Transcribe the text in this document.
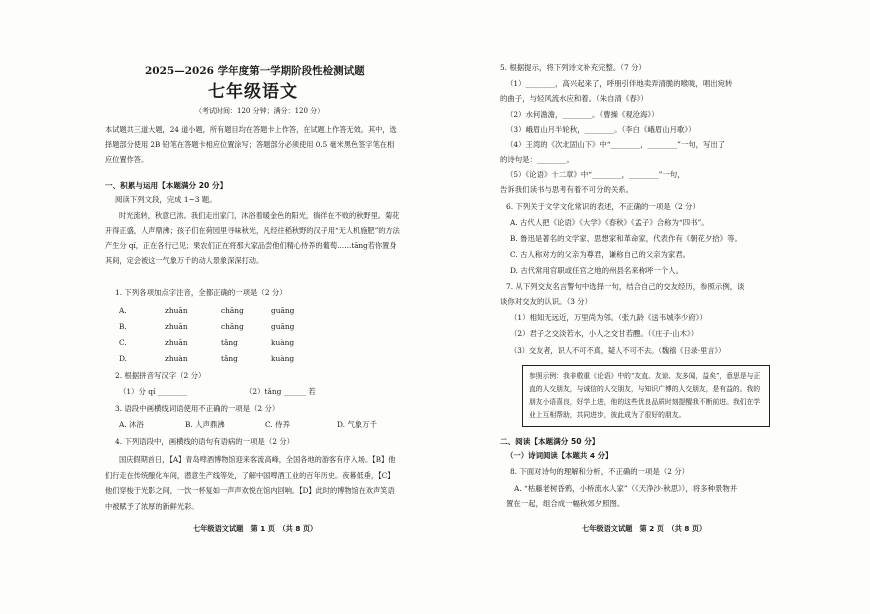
2025—2026 学年度第一学期阶段性检测试题
七年级语文
（考试时间：120 分钟；满分：120 分）
本试题共三道大题，24 道小题，所有题目均在答题卡上作答，在试题上作答无效。其中，选择题部分使用 2B 铅笔在答题卡相应位置涂写；答题部分必须使用 0.5 毫米黑色签字笔在相应位置作答。
一、积累与运用【本题满分 20 分】
阅读下列文段，完成 1~3 题。
时光流转，秋意已浓。我们走出家门，沐浴着暖金色的阳光，徜徉在不败的秋野里。菊花开得正盛，人声鼎沸；孩子们在荷园里寻味秋光，凡经往稻秋野的汉子用“无人机施肥”的方法产生分 qí，正在各行己见；果农们正在将那大家品尝他们精心侍养的葡萄……tāng若你置身其间，定会被这一气象万千的动人景象深深打动。
1. 下列各项加点字注音，全都正确的一项是（2 分）
A.	zhuān	chāng	guāng
B.	zhuān	chāng	guāng
C.	zhuān	tǎng	kuàng
D.	zhuàn	tǎng	kuàng
2. 根据拼音写汉字（2 分）
（1）分 qí ________	（2）tǎng ______ 若
3. 语段中画横线词语使用不正确的一项是（2 分）
A. 沐浴	B. 人声鼎沸	C. 侍养	D. 气象万千
4. 下列语段中，画横线的语句有语病的一项是（2 分）
国庆假期首日，【A】青岛啤酒博物馆迎来客流高峰，全国各地的游客有序入场。【B】他们行走在传统酿化车间，潜意生产线等处，了解中国啤酒工业的百年历史。夜幕低垂，【C】他们穿梭于光影之间，一饮一杯复如一声声欢悦在馆内回响。【D】此时的博物馆在欢声笑语中被赋予了浓厚的新鲜光彩。
七年级语文试题　第 1 页　（共 8 页）
5. 根据提示，将下列诗文补充完整。（7 分）
（1）________，高兴起来了，呼朋引伴地卖弄清脆的喉咙，唱出宛转
的曲子，与轻风流水应和着。（朱自清《春》）
（2）水何澹澹，________。（曹操《观沧海》）
（3）峨眉山月半轮秋，________。（李白《峨眉山月歌》）
（4）王湾的《次北固山下》中“________，________”一句，写出了
的诗句是：________。
（5）《论语》十二章》中“________，________”一句，
告诉我们读书与思考有着不可分的关系。
6. 下列关于文学文化常识的表述，不正确的一项是（2 分）
A. 古代人把《论语》《大学》《春秋》《孟子》合称为“四书”。
B. 鲁迅是著名的文学家、思想家和革命家，代表作有《朝花夕拾》等。
C. 古人称对方的父亲为尊君，谦称自己的父亲为家君。
D. 古代常用官职或任官之地的州县名来称呼一个人。
7. 从下列交友名言警句中选择一句，结合自己的交友经历，参照示例，谈
谈你对交友的认识。（3 分）
（1）相知无远近，万里尚为邻。（张九龄《送韦城李少府》）
（2）君子之交淡若水，小人之交甘若醴。（《庄子·山木》）
（3）交友者，识人不可不真，疑人不可不去。（魏禧《日录·里言》）
二、阅读【本题满分 50 分】
（一）诗词阅读【本题共 4 分】
8. 下面对诗句的理解和分析，不正确的一项是（2 分）
A. “枯藤老树昏鸦，小桥流水人家”（《天净沙·秋思》），将多种景物并
置在一起，组合成一幅秋郊夕照图。
七年级语文试题　第 2 页　（共 8 页）
参照示例：我非敬重《论语》中的“友直、友谅、友多闻，益矣”，意思是与正直的人交朋友，与诚信的人交朋友，与知识广博的人交朋友，是有益的。我的朋友小语喜良，好学上进，他的这些优良品质时刻提醒我不断前进。我们在学业上互相帮助，共同进步，彼此成为了很好的朋友。
